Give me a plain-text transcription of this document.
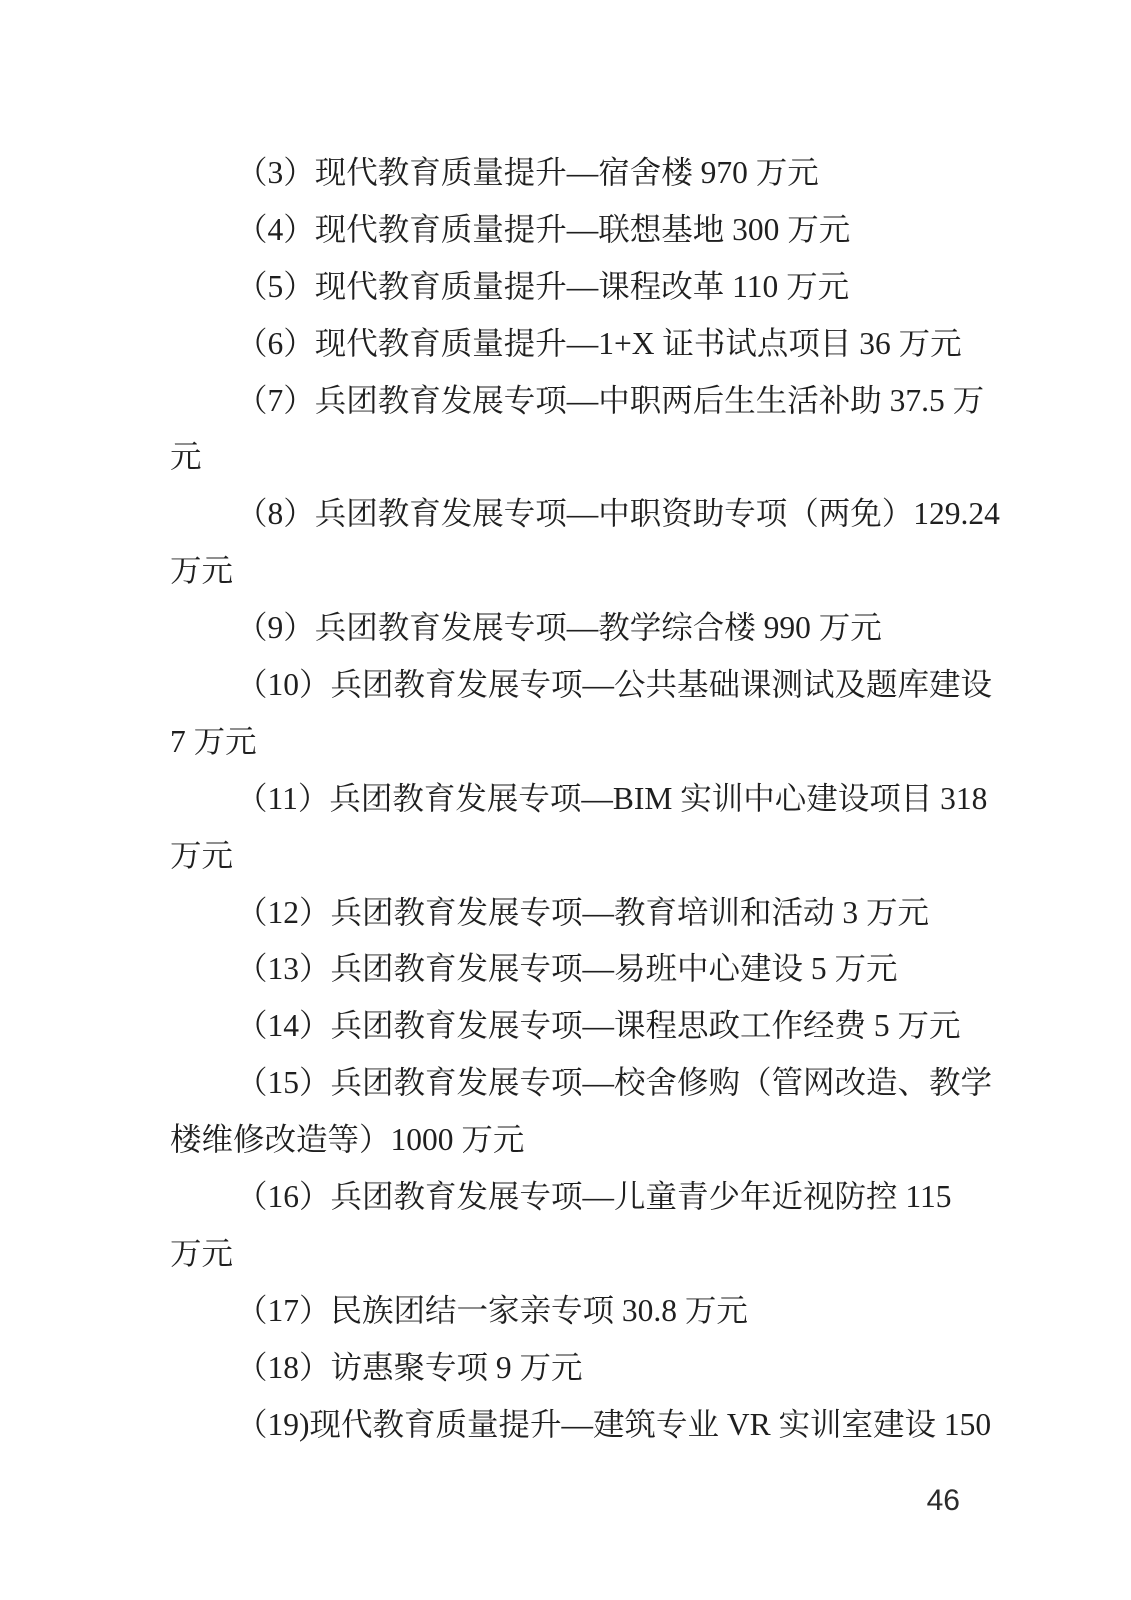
（3）现代教育质量提升—宿舍楼 970 万元
（4）现代教育质量提升—联想基地 300 万元
（5）现代教育质量提升—课程改革 110 万元
（6）现代教育质量提升—1+X 证书试点项目 36 万元
（7）兵团教育发展专项—中职两后生生活补助 37.5 万
元
（8）兵团教育发展专项—中职资助专项（两免）129.24
万元
（9）兵团教育发展专项—教学综合楼 990 万元
（10）兵团教育发展专项—公共基础课测试及题库建设
7 万元
（11）兵团教育发展专项—BIM 实训中心建设项目 318
万元
（12）兵团教育发展专项—教育培训和活动 3 万元
（13）兵团教育发展专项—易班中心建设 5 万元
（14）兵团教育发展专项—课程思政工作经费 5 万元
（15）兵团教育发展专项—校舍修购（管网改造、教学
楼维修改造等）1000 万元
（16）兵团教育发展专项—儿童青少年近视防控 115
万元
（17）民族团结一家亲专项 30.8 万元
（18）访惠聚专项 9 万元
（19)现代教育质量提升—建筑专业 VR 实训室建设 150
46
